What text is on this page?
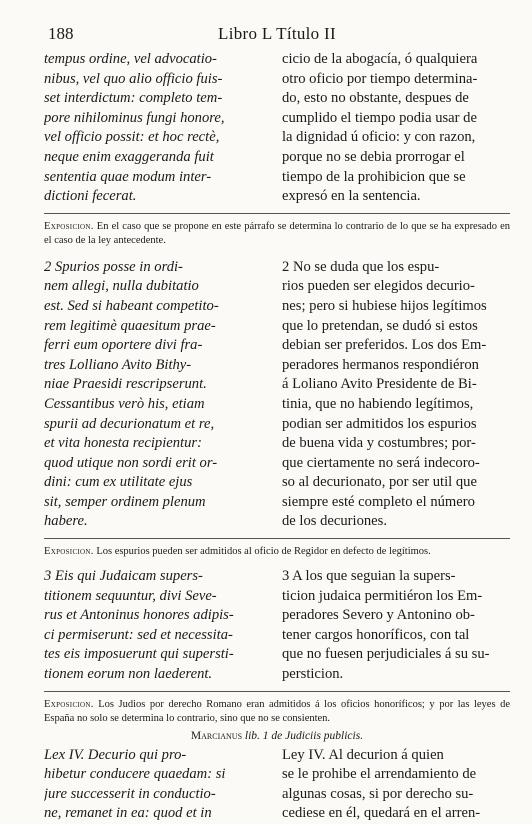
188	Libro L Título II
tempus ordine, vel advocatio-
nibus, vel quo alio officio fuis-
set interdictum: completo tem-
pore nihilominus fungi honore,
vel officio possit: et hoc rectè,
neque enim exaggeranda fuit
sententia quae modum inter-
dictioni fecerat.
cicio de la abogacía, ó qualquiera
otro oficio por tiempo determina-
do, esto no obstante, despues de
cumplido el tiempo podia usar de
la dignidad ú oficio: y con razon,
porque no se debia prorrogar el
tiempo de la prohibicion que se
expresó en la sentencia.
Exposicion. En el caso que se propone en este párrafo se determina lo contrario de lo que se ha expresado en el caso de la ley antecedente.
2 Spurios posse in ordi-
nem allegi, nulla dubitatio
est. Sed si habeant competito-
rem legitimè quaesitum prae-
ferri eum oportere divi fra-
tres Lolliano Avito Bithy-
niae Praesidi rescripserunt.
Cessantibus verò his, etiam
spurii ad decurionatum et re,
et vita honesta recipientur:
quod utique non sordi erit or-
dini: cum ex utilitate ejus
sit, semper ordinem plenum
habere.
2 No se duda que los espu-
rios pueden ser elegidos decurio-
nes; pero si hubiese hijos legítimos
que lo pretendan, se dudó si estos
debian ser preferidos. Los dos Em-
peradores hermanos respondiéron
á Loliano Avito Presidente de Bi-
tinia, que no habiendo legítimos,
podian ser admitidos los espurios
de buena vida y costumbres; por-
que ciertamente no será indecoro-
so al decurionato, por ser util que
siempre esté completo el número
de los decuriones.
Exposicion. Los espurios pueden ser admitidos al oficio de Regidor en defecto de legítimos.
3 Eis qui Judaicam supers-
titionem sequuntur, divi Seve-
rus et Antoninus honores adipis-
ci permiserunt: sed et necessita-
tes eis imposuerunt qui supersti-
tionem eorum non laederent.
3 A los que seguian la supers-
ticion judaica permitiéron los Em-
peradores Severo y Antonino ob-
tener cargos honoríficos, con tal
que no fuesen perjudiciales á su su-
persticion.
Exposicion. Los Judios por derecho Romano eran admitidos á los oficios honoríficos; y por las leyes de España no solo se determina lo contrario, sino que no se consienten.
Marcianus lib. 1 de Judiciis publicis.
Lex IV. Decurio qui pro-
hibetur conducere quaedam: si
jure successerit in conductio-
ne, remanet in ea: quod et in
Ley IV. Al decurion á quien
se le prohibe el arrendamiento de
algunas cosas, si por derecho su-
cediese en él, quedará en el arren-
